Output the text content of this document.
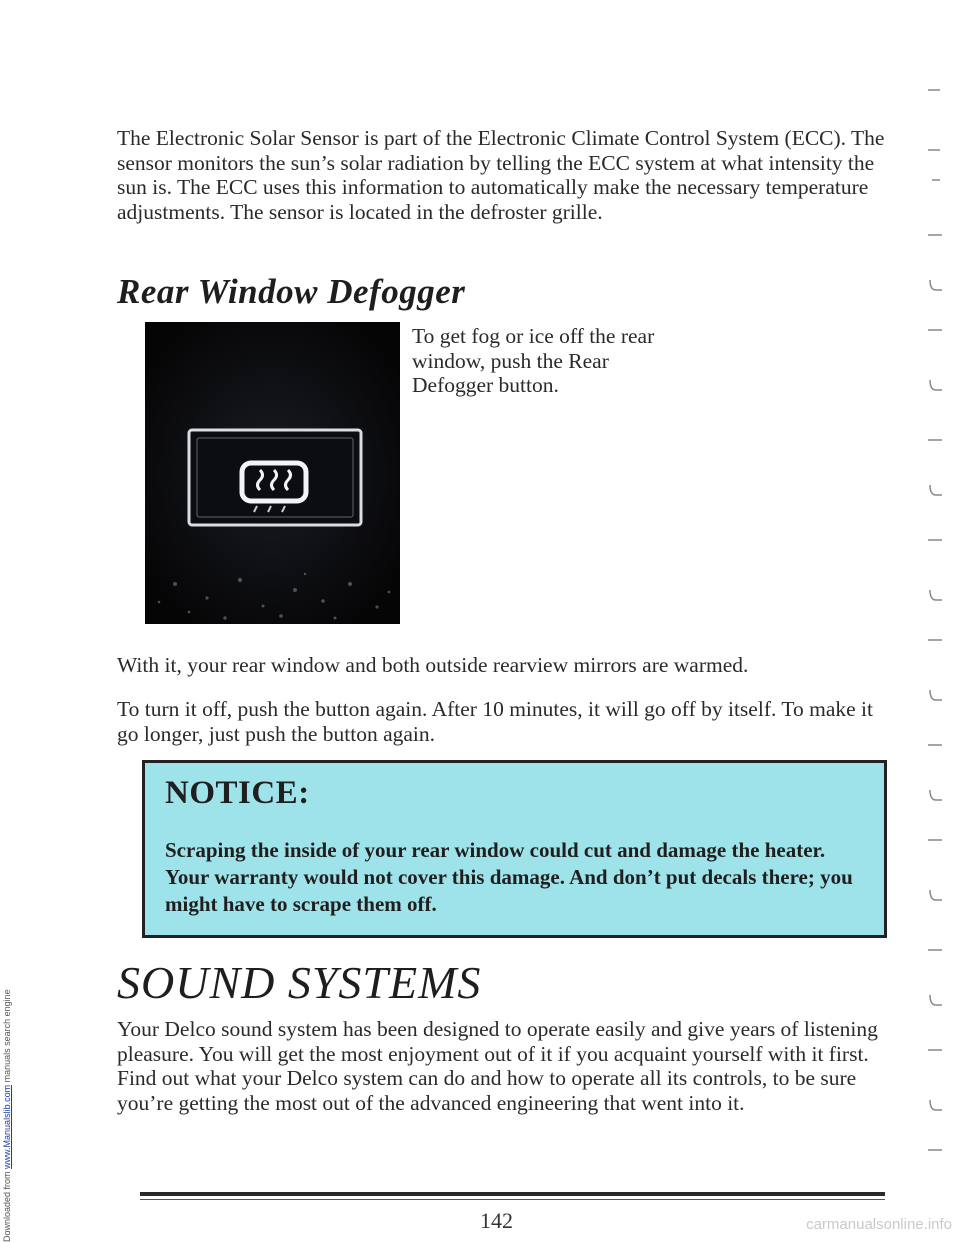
Downloaded from www.Manualslib.com manuals search engine

The Electronic Solar Sensor is part of the Electronic Climate Control System (ECC). The sensor monitors the sun’s solar radiation by telling the ECC system at what intensity the sun is. The ECC uses this information to automatically make the necessary temperature adjustments. The sensor is located in the defroster grille.

Rear Window Defogger

To get fog or ice off the rear window, push the Rear Defogger button.

With it, your rear window and both outside rearview mirrors are warmed.

To turn it off, push the button again. After 10 minutes, it will go off by itself. To make it go longer, just push the button again.

NOTICE:
Scraping the inside of your rear window could cut and damage the heater. Your warranty would not cover this damage. And don’t put decals there; you might have to scrape them off.
SOUND SYSTEMS

Your Delco sound system has been designed to operate easily and give years of listening pleasure. You will get the most enjoyment out of it if you acquaint yourself with it first. Find out what your Delco system can do and how to operate all its controls, to be sure you’re getting the most out of the advanced engineering that went into it.

142	carmanualsonline.info
